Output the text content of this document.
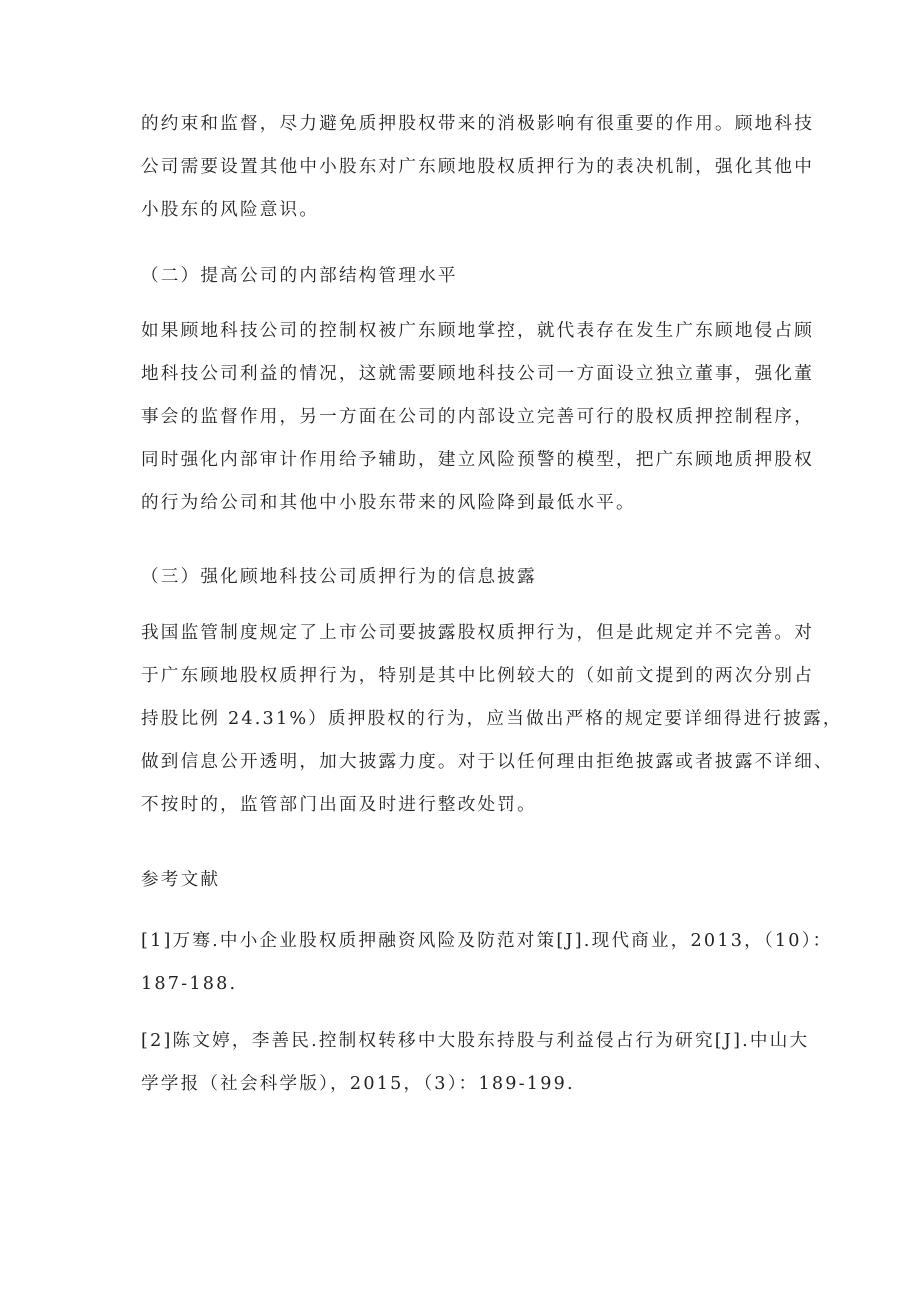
的约束和监督，尽力避免质押股权带来的消极影响有很重要的作用。顾地科技
公司需要设置其他中小股东对广东顾地股权质押行为的表决机制，强化其他中
小股东的风险意识。
（二）提高公司的内部结构管理水平
如果顾地科技公司的控制权被广东顾地掌控，就代表存在发生广东顾地侵占顾
地科技公司利益的情况，这就需要顾地科技公司一方面设立独立董事，强化董
事会的监督作用，另一方面在公司的内部设立完善可行的股权质押控制程序，
同时强化内部审计作用给予辅助，建立风险预警的模型，把广东顾地质押股权
的行为给公司和其他中小股东带来的风险降到最低水平。
（三）强化顾地科技公司质押行为的信息披露
我国监管制度规定了上市公司要披露股权质押行为，但是此规定并不完善。对
于广东顾地股权质押行为，特别是其中比例较大的（如前文提到的两次分别占
持股比例 24.31%）质押股权的行为，应当做出严格的规定要详细得进行披露，
做到信息公开透明，加大披露力度。对于以任何理由拒绝披露或者披露不详细、
不按时的，监管部门出面及时进行整改处罚。
参考文献
[1]万骞.中小企业股权质押融资风险及防范对策[J].现代商业，2013，（10）：
187-188.
[2]陈文婷，李善民.控制权转移中大股东持股与利益侵占行为研究[J].中山大
学学报（社会科学版），2015，（3）：189-199.
